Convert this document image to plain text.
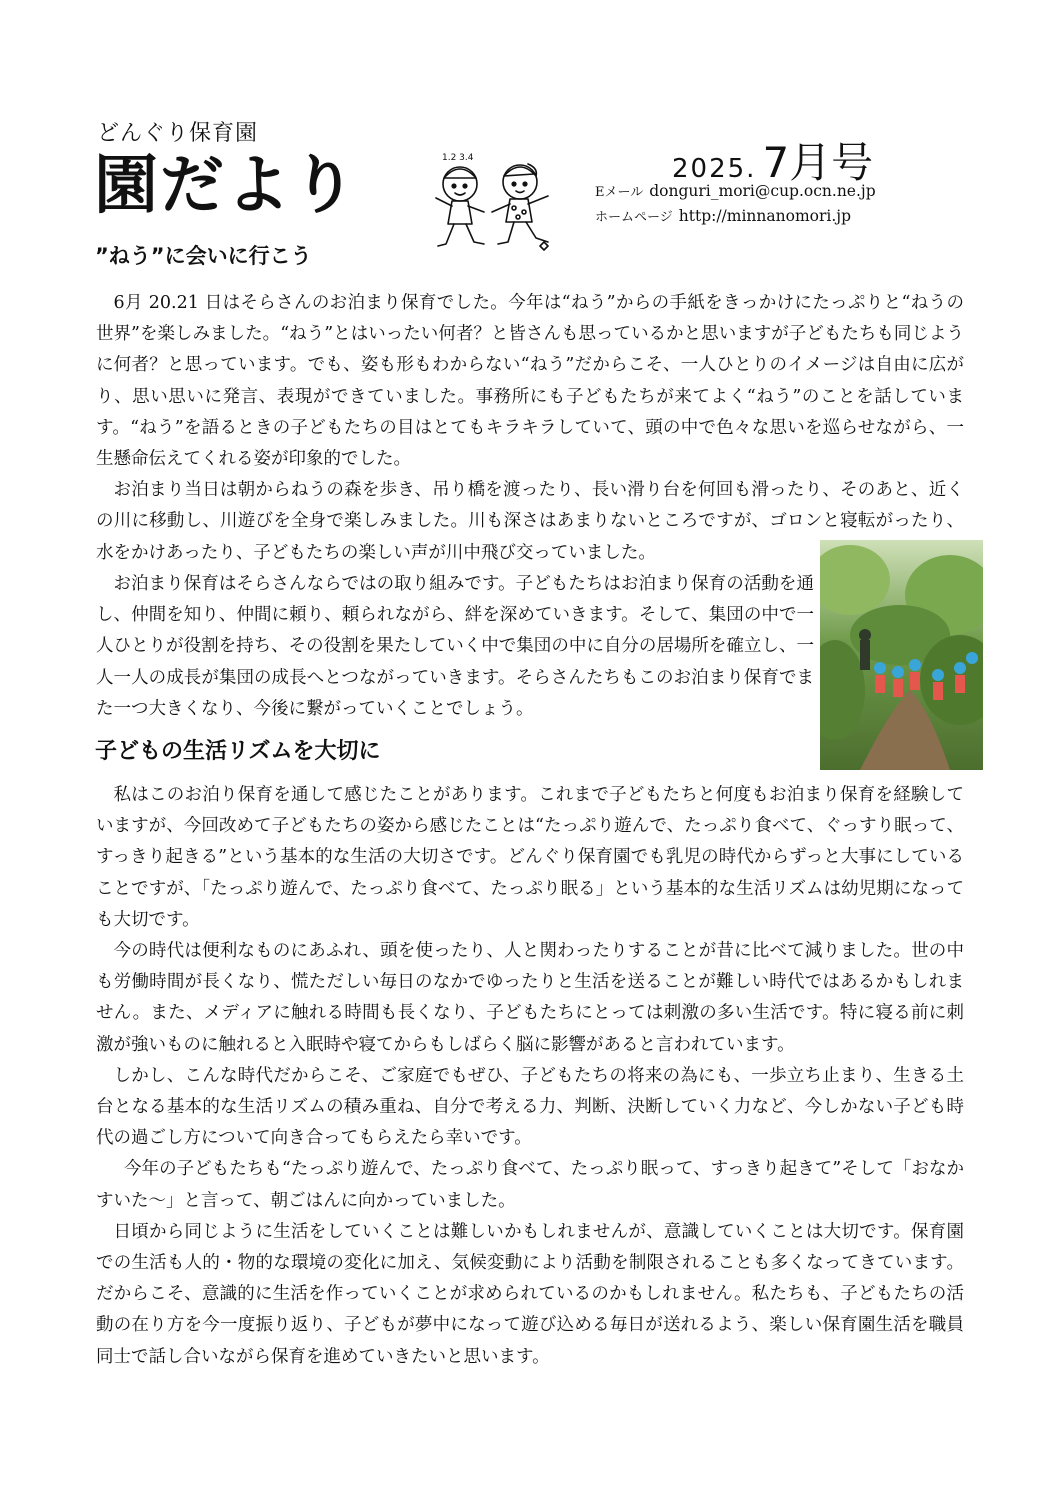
どんぐり保育園
園だより
”ねう”に会いに行こう
1.2 3.4	2025. 7月号
Eメール donguri_mori@cup.ocn.ne.jp
ホームページ http://minnanomori.jp

6月 20.21 日はそらさんのお泊まり保育でした。今年は“ねう”からの手紙をきっかけにたっぷりと“ねうの世界”を楽しみました。“ねう”とはいったい何者？と皆さんも思っているかと思いますが子どもたちも同じように何者？と思っています。でも、姿も形もわからない“ねう”だからこそ、一人ひとりのイメージは自由に広がり、思い思いに発言、表現ができていました。事務所にも子どもたちが来てよく“ねう”のことを話しています。“ねう”を語るときの子どもたちの目はとてもキラキラしていて、頭の中で色々な思いを巡らせながら、一生懸命伝えてくれる姿が印象的でした。

お泊まり当日は朝からねうの森を歩き、吊り橋を渡ったり、長い滑り台を何回も滑ったり、そのあと、近くの川に移動し、川遊びを全身で楽しみました。川も深さはあまりないところですが、ゴロンと寝転がったり、水をかけあったり、子どもたちの楽しい声が川中飛び交っていました。

お泊まり保育はそらさんならではの取り組みです。子どもたちはお泊まり保育の活動を通し、仲間を知り、仲間に頼り、頼られながら、絆を深めていきます。そして、集団の中で一人ひとりが役割を持ち、その役割を果たしていく中で集団の中に自分の居場所を確立し、一人一人の成長が集団の成長へとつながっていきます。そらさんたちもこのお泊まり保育でまた一つ大きくなり、今後に繋がっていくことでしょう。

子どもの生活リズムを大切に

私はこのお泊り保育を通して感じたことがあります。これまで子どもたちと何度もお泊まり保育を経験していますが、今回改めて子どもたちの姿から感じたことは“たっぷり遊んで、たっぷり食べて、ぐっすり眠って、すっきり起きる”という基本的な生活の大切さです。どんぐり保育園でも乳児の時代からずっと大事にしていることですが、「たっぷり遊んで、たっぷり食べて、たっぷり眠る」という基本的な生活リズムは幼児期になっても大切です。

今の時代は便利なものにあふれ、頭を使ったり、人と関わったりすることが昔に比べて減りました。世の中も労働時間が長くなり、慌ただしい毎日のなかでゆったりと生活を送ることが難しい時代ではあるかもしれません。また、メディアに触れる時間も長くなり、子どもたちにとっては刺激の多い生活です。特に寝る前に刺激が強いものに触れると入眠時や寝てからもしばらく脳に影響があると言われています。

しかし、こんな時代だからこそ、ご家庭でもぜひ、子どもたちの将来の為にも、一歩立ち止まり、生きる土台となる基本的な生活リズムの積み重ね、自分で考える力、判断、決断していく力など、今しかない子ども時代の過ごし方について向き合ってもらえたら幸いです。

今年の子どもたちも“たっぷり遊んで、たっぷり食べて、たっぷり眠って、すっきり起きて”そして「おなかすいた～」と言って、朝ごはんに向かっていました。

日頃から同じように生活をしていくことは難しいかもしれませんが、意識していくことは大切です。保育園での生活も人的・物的な環境の変化に加え、気候変動により活動を制限されることも多くなってきています。だからこそ、意識的に生活を作っていくことが求められているのかもしれません。私たちも、子どもたちの活動の在り方を今一度振り返り、子どもが夢中になって遊び込める毎日が送れるよう、楽しい保育園生活を職員同士で話し合いながら保育を進めていきたいと思います。
